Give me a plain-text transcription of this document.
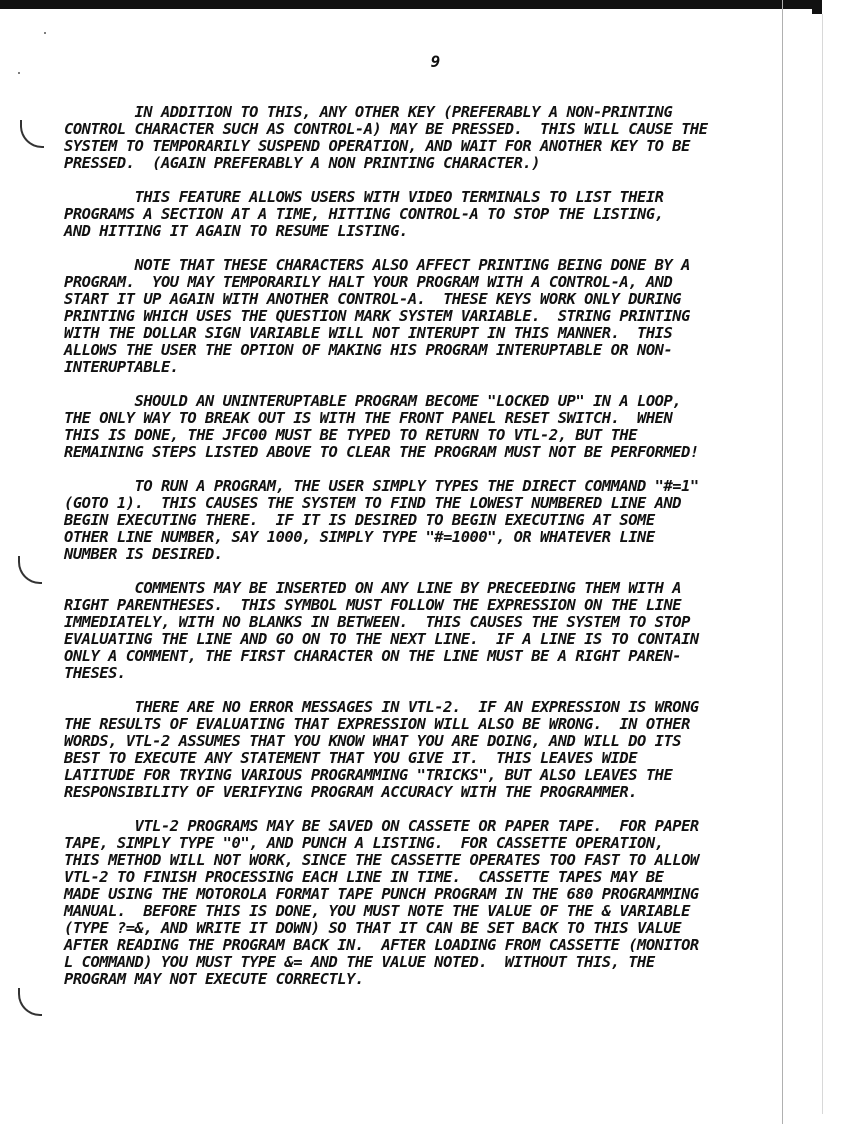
9
IN ADDITION TO THIS, ANY OTHER KEY (PREFERABLY A NON-PRINTING
CONTROL CHARACTER SUCH AS CONTROL-A) MAY BE PRESSED.  THIS WILL CAUSE THE
SYSTEM TO TEMPORARILY SUSPEND OPERATION, AND WAIT FOR ANOTHER KEY TO BE
PRESSED.  (AGAIN PREFERABLY A NON PRINTING CHARACTER.)
THIS FEATURE ALLOWS USERS WITH VIDEO TERMINALS TO LIST THEIR
PROGRAMS A SECTION AT A TIME, HITTING CONTROL-A TO STOP THE LISTING,
AND HITTING IT AGAIN TO RESUME LISTING.
NOTE THAT THESE CHARACTERS ALSO AFFECT PRINTING BEING DONE BY A
PROGRAM.  YOU MAY TEMPORARILY HALT YOUR PROGRAM WITH A CONTROL-A, AND
START IT UP AGAIN WITH ANOTHER CONTROL-A.  THESE KEYS WORK ONLY DURING
PRINTING WHICH USES THE QUESTION MARK SYSTEM VARIABLE.  STRING PRINTING
WITH THE DOLLAR SIGN VARIABLE WILL NOT INTERUPT IN THIS MANNER.  THIS
ALLOWS THE USER THE OPTION OF MAKING HIS PROGRAM INTERUPTABLE OR NON-
INTERUPTABLE.
SHOULD AN UNINTERUPTABLE PROGRAM BECOME "LOCKED UP" IN A LOOP,
THE ONLY WAY TO BREAK OUT IS WITH THE FRONT PANEL RESET SWITCH.  WHEN
THIS IS DONE, THE JFC00 MUST BE TYPED TO RETURN TO VTL-2, BUT THE
REMAINING STEPS LISTED ABOVE TO CLEAR THE PROGRAM MUST NOT BE PERFORMED!
TO RUN A PROGRAM, THE USER SIMPLY TYPES THE DIRECT COMMAND "#=1"
(GOTO 1).  THIS CAUSES THE SYSTEM TO FIND THE LOWEST NUMBERED LINE AND
BEGIN EXECUTING THERE.  IF IT IS DESIRED TO BEGIN EXECUTING AT SOME
OTHER LINE NUMBER, SAY 1000, SIMPLY TYPE "#=1000", OR WHATEVER LINE
NUMBER IS DESIRED.
COMMENTS MAY BE INSERTED ON ANY LINE BY PRECEEDING THEM WITH A
RIGHT PARENTHESES.  THIS SYMBOL MUST FOLLOW THE EXPRESSION ON THE LINE
IMMEDIATELY, WITH NO BLANKS IN BETWEEN.  THIS CAUSES THE SYSTEM TO STOP
EVALUATING THE LINE AND GO ON TO THE NEXT LINE.  IF A LINE IS TO CONTAIN
ONLY A COMMENT, THE FIRST CHARACTER ON THE LINE MUST BE A RIGHT PAREN-
THESES.
THERE ARE NO ERROR MESSAGES IN VTL-2.  IF AN EXPRESSION IS WRONG
THE RESULTS OF EVALUATING THAT EXPRESSION WILL ALSO BE WRONG.  IN OTHER
WORDS, VTL-2 ASSUMES THAT YOU KNOW WHAT YOU ARE DOING, AND WILL DO ITS
BEST TO EXECUTE ANY STATEMENT THAT YOU GIVE IT.  THIS LEAVES WIDE
LATITUDE FOR TRYING VARIOUS PROGRAMMING "TRICKS", BUT ALSO LEAVES THE
RESPONSIBILITY OF VERIFYING PROGRAM ACCURACY WITH THE PROGRAMMER.
VTL-2 PROGRAMS MAY BE SAVED ON CASSETE OR PAPER TAPE.  FOR PAPER
TAPE, SIMPLY TYPE "0", AND PUNCH A LISTING.  FOR CASSETTE OPERATION,
THIS METHOD WILL NOT WORK, SINCE THE CASSETTE OPERATES TOO FAST TO ALLOW
VTL-2 TO FINISH PROCESSING EACH LINE IN TIME.  CASSETTE TAPES MAY BE
MADE USING THE MOTOROLA FORMAT TAPE PUNCH PROGRAM IN THE 680 PROGRAMMING
MANUAL.  BEFORE THIS IS DONE, YOU MUST NOTE THE VALUE OF THE & VARIABLE
(TYPE ?=&, AND WRITE IT DOWN) SO THAT IT CAN BE SET BACK TO THIS VALUE
AFTER READING THE PROGRAM BACK IN.  AFTER LOADING FROM CASSETTE (MONITOR
L COMMAND) YOU MUST TYPE &= AND THE VALUE NOTED.  WITHOUT THIS, THE
PROGRAM MAY NOT EXECUTE CORRECTLY.
